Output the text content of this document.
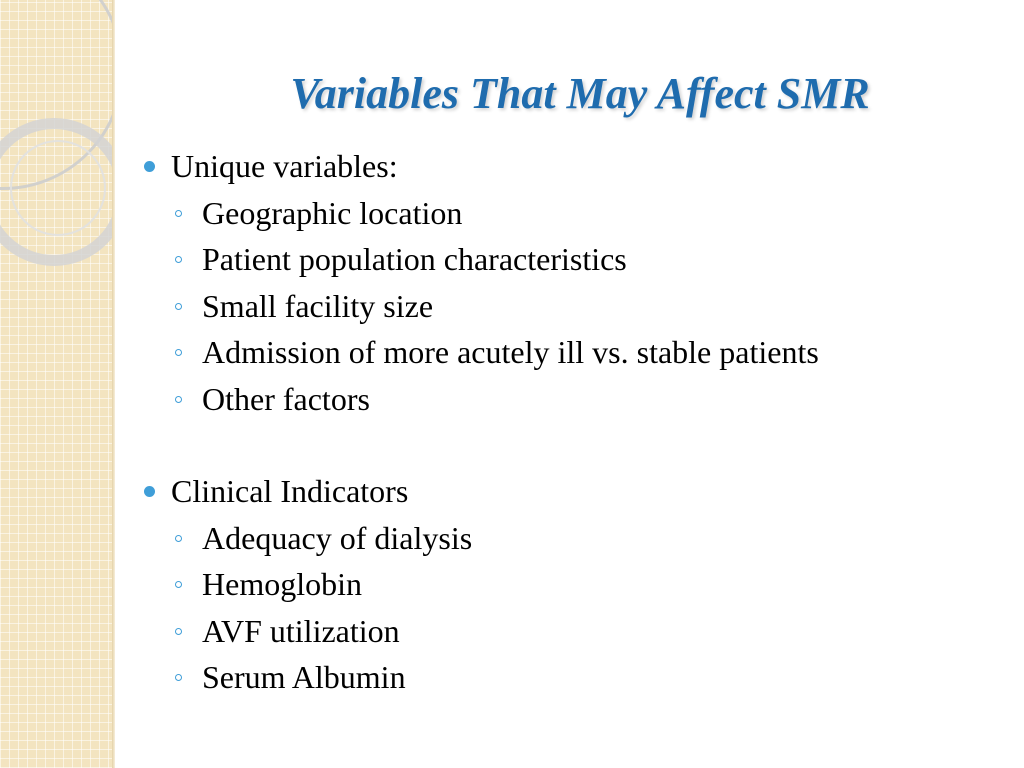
Variables That May Affect SMR
Unique variables:
Geographic location
Patient population characteristics
Small facility size
Admission of more acutely ill vs. stable patients
Other factors
Clinical Indicators
Adequacy of dialysis
Hemoglobin
AVF utilization
Serum Albumin
